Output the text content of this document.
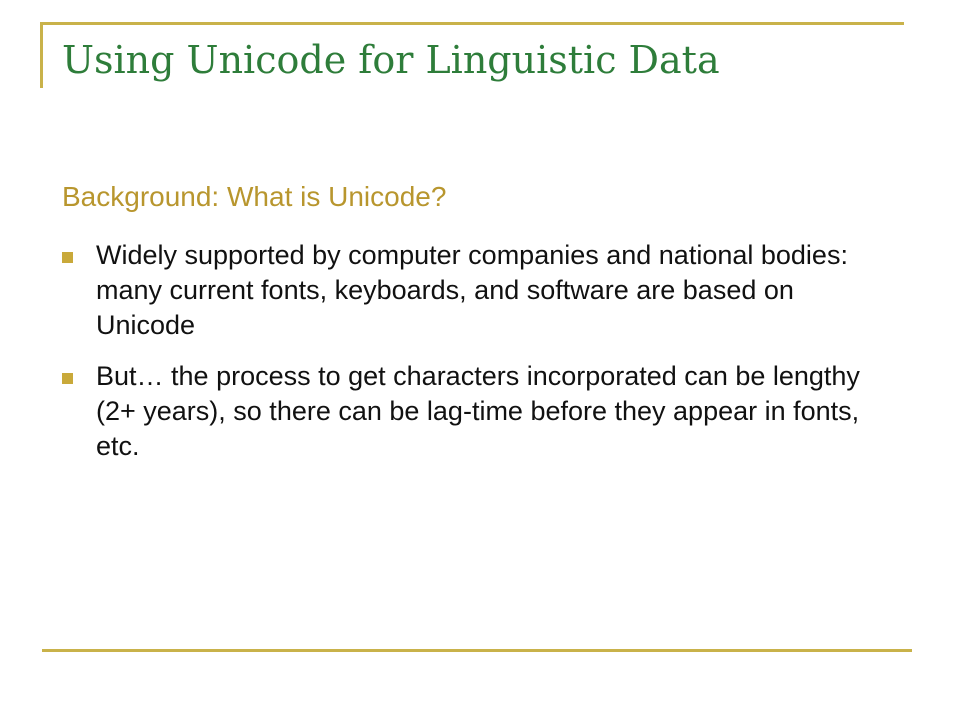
Using Unicode for Linguistic Data
Background: What is Unicode?
Widely supported by computer companies and national bodies: many current fonts, keyboards, and software are based on Unicode
But… the process to get characters incorporated can be lengthy (2+ years), so there can be lag-time before they appear in fonts, etc.
